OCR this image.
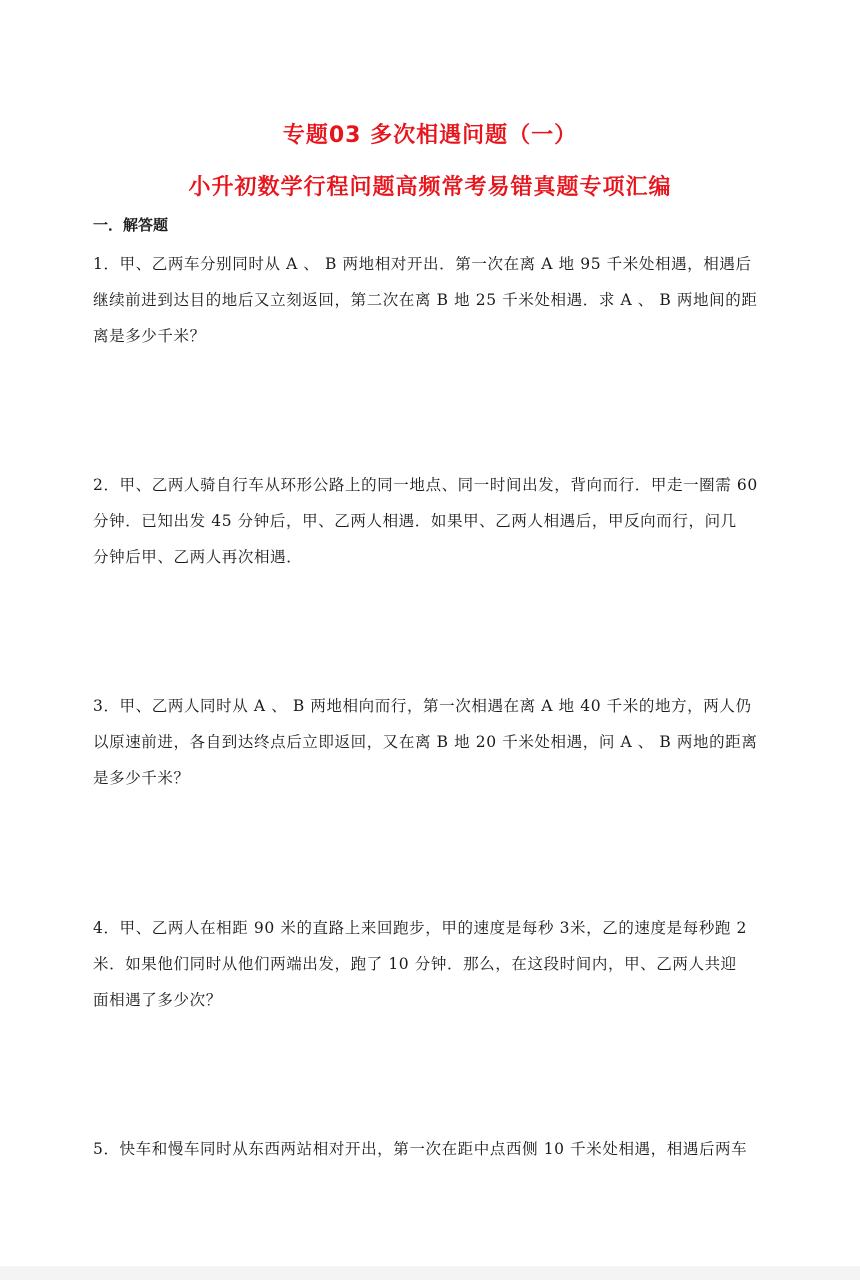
专题03 多次相遇问题（一）
小升初数学行程问题高频常考易错真题专项汇编
一．解答题
1．甲、乙两车分别同时从 A 、 B 两地相对开出．第一次在离 A 地 95 千米处相遇，相遇后
继续前进到达目的地后又立刻返回，第二次在离 B 地 25 千米处相遇．求 A 、 B 两地间的距
离是多少千米？
2．甲、乙两人骑自行车从环形公路上的同一地点、同一时间出发，背向而行．甲走一圈需 60
分钟．已知出发 45 分钟后，甲、乙两人相遇．如果甲、乙两人相遇后，甲反向而行，问几
分钟后甲、乙两人再次相遇．
3．甲、乙两人同时从 A 、 B 两地相向而行，第一次相遇在离 A 地 40 千米的地方，两人仍
以原速前进，各自到达终点后立即返回，又在离 B 地 20 千米处相遇，问 A 、 B 两地的距离
是多少千米？
4．甲、乙两人在相距 90 米的直路上来回跑步，甲的速度是每秒 3米，乙的速度是每秒跑 2
米．如果他们同时从他们两端出发，跑了 10 分钟．那么，在这段时间内，甲、乙两人共迎
面相遇了多少次？
5．快车和慢车同时从东西两站相对开出，第一次在距中点西侧 10 千米处相遇，相遇后两车
